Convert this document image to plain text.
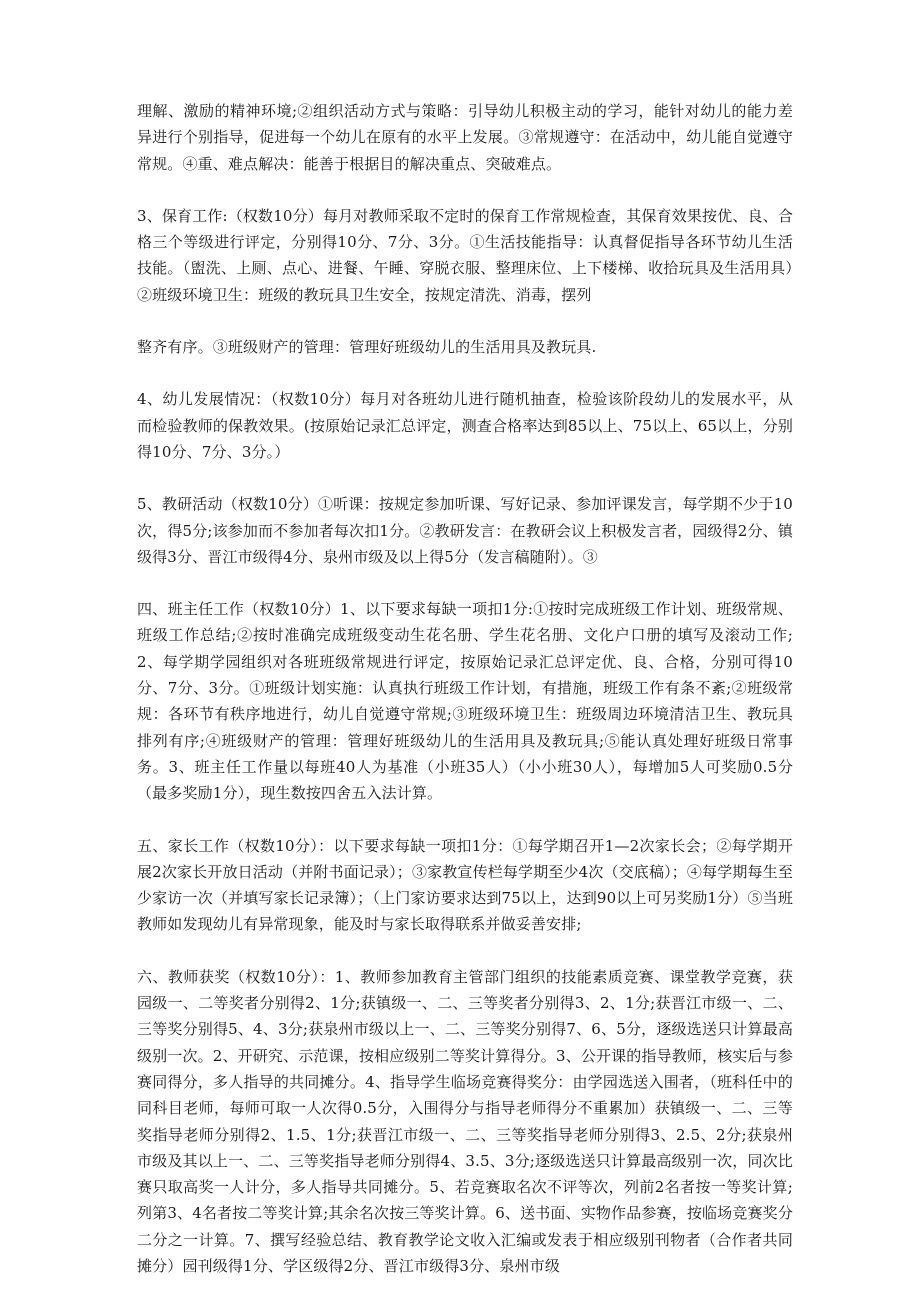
理解、激励的精神环境;②组织活动方式与策略：引导幼儿积极主动的学习，能针对幼儿的能力差异进行个别指导，促进每一个幼儿在原有的水平上发展。③常规遵守：在活动中，幼儿能自觉遵守常规。④重、难点解决：能善于根据目的解决重点、突破难点。

3、保育工作:（权数10分）每月对教师采取不定时的保育工作常规检查，其保育效果按优、良、合格三个等级进行评定，分别得10分、7分、3分。①生活技能指导：认真督促指导各环节幼儿生活技能。（盥洗、上厕、点心、进餐、午睡、穿脱衣服、整理床位、上下楼梯、收拾玩具及生活用具）②班级环境卫生：班级的教玩具卫生安全，按规定清洗、消毒，摆列

整齐有序。③班级财产的管理：管理好班级幼儿的生活用具及教玩具.

4、幼儿发展情况：（权数10分）每月对各班幼儿进行随机抽查，检验该阶段幼儿的发展水平，从而检验教师的保教效果。(按原始记录汇总评定，测查合格率达到85以上、75以上、65以上，分别得10分、7分、3分。）

5、教研活动（权数10分）①听课：按规定参加听课、写好记录、参加评课发言，每学期不少于10次，得5分;该参加而不参加者每次扣1分。②教研发言：在教研会议上积极发言者，园级得2分、镇级得3分、晋江市级得4分、泉州市级及以上得5分（发言稿随附）。③

四、班主任工作（权数10分）1、以下要求每缺一项扣1分:①按时完成班级工作计划、班级常规、班级工作总结;②按时准确完成班级变动生花名册、学生花名册、文化户口册的填写及滚动工作;2、每学期学园组织对各班班级常规进行评定，按原始记录汇总评定优、良、合格，分别可得10分、7分、3分。①班级计划实施：认真执行班级工作计划，有措施，班级工作有条不紊;②班级常规：各环节有秩序地进行，幼儿自觉遵守常规;③班级环境卫生：班级周边环境清洁卫生、教玩具排列有序;④班级财产的管理：管理好班级幼儿的生活用具及教玩具;⑤能认真处理好班级日常事务。3、班主任工作量以每班40人为基准（小班35人）（小小班30人），每增加5人可奖励0.5分（最多奖励1分），现生数按四舍五入法计算。

五、家长工作（权数10分）：以下要求每缺一项扣1分：①每学期召开1—2次家长会；②每学期开展2次家长开放日活动（并附书面记录）；③家教宣传栏每学期至少4次（交底稿）；④每学期每生至少家访一次（并填写家长记录簿）；（上门家访要求达到75以上，达到90以上可另奖励1分）⑤当班教师如发现幼儿有异常现象，能及时与家长取得联系并做妥善安排;

六、教师获奖（权数10分）：1、教师参加教育主管部门组织的技能素质竞赛、课堂教学竞赛，获园级一、二等奖者分别得2、1分;获镇级一、二、三等奖者分别得3、2、1分;获晋江市级一、二、三等奖分别得5、4、3分;获泉州市级以上一、二、三等奖分别得7、6、5分，逐级选送只计算最高级别一次。2、开研究、示范课，按相应级别二等奖计算得分。3、公开课的指导教师，核实后与参赛同得分，多人指导的共同摊分。4、指导学生临场竞赛得奖分：由学园选送入围者，（班科任中的同科目老师，每师可取一人次得0.5分，入围得分与指导老师得分不重累加）获镇级一、二、三等奖指导老师分别得2、1.5、1分;获晋江市级一、二、三等奖指导老师分别得3、2.5、2分;获泉州市级及其以上一、二、三等奖指导老师分别得4、3.5、3分;逐级选送只计算最高级别一次，同次比赛只取高奖一人计分，多人指导共同摊分。5、若竞赛取名次不评等次，列前2名者按一等奖计算;列第3、4名者按二等奖计算;其余名次按三等奖计算。6、送书面、实物作品参赛，按临场竞赛奖分二分之一计算。7、撰写经验总结、教育教学论文收入汇编或发表于相应级别刊物者（合作者共同摊分）园刊级得1分、学区级得2分、晋江市级得3分、泉州市级
